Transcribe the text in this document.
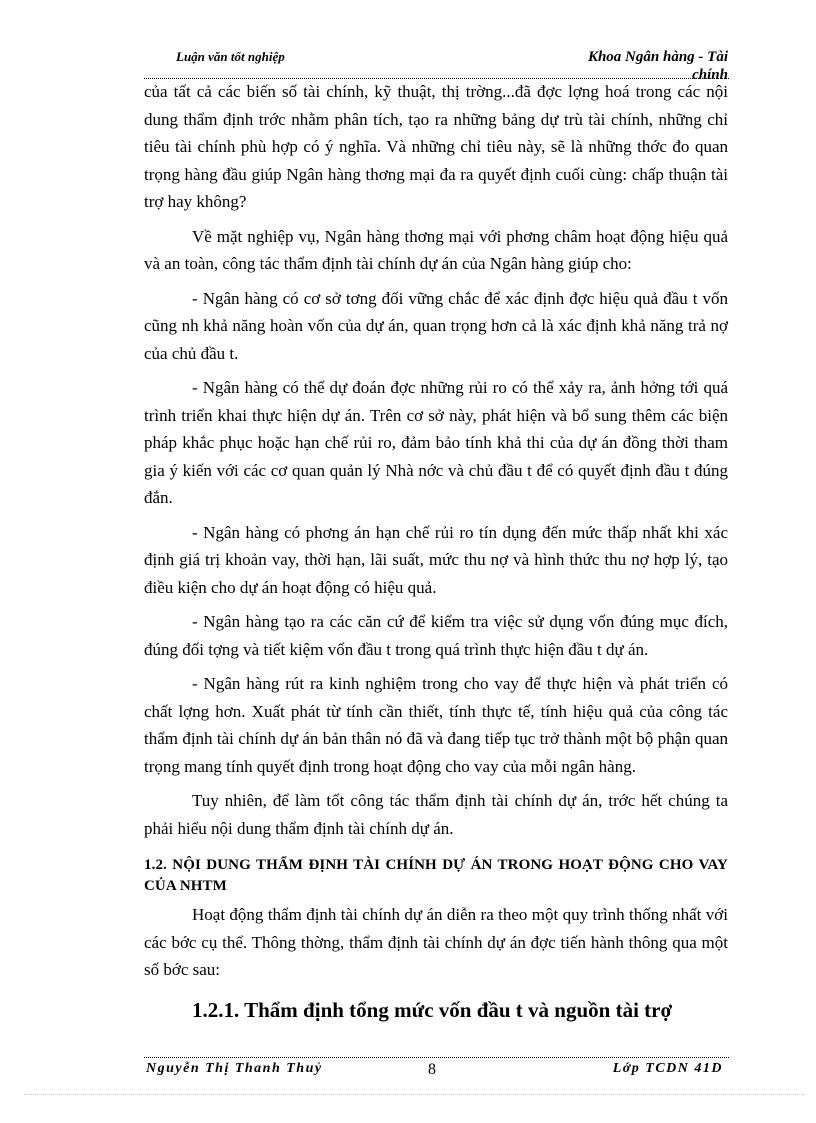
Luận văn tốt nghiệp	Khoa Ngân hàng - Tài
chính

của tất cả các biến số tài chính, kỹ thuật, thị trờng...đã đợc lợng hoá trong các nội dung thẩm định trớc nhằm phân tích, tạo ra những bảng dự trù tài chính, những chỉ tiêu tài chính phù hợp có ý nghĩa. Và những chỉ tiêu này, sẽ là những thớc đo quan trọng hàng đầu giúp Ngân hàng thơng mại đa ra quyết định cuối cùng: chấp thuận tài trợ hay không?

Về mặt nghiệp vụ, Ngân hàng thơng mại với phơng châm hoạt động hiệu quả và an toàn, công tác thẩm định tài chính dự án của Ngân hàng giúp cho:

- Ngân hàng có cơ sở tơng đối vững chắc để xác định đợc hiệu quả đầu t vốn cũng nh khả năng hoàn vốn của dự án, quan trọng hơn cả là xác định khả năng trả nợ của chủ đầu t.

- Ngân hàng có thể dự đoán đợc những rủi ro có thể xảy ra, ảnh hởng tới quá trình triển khai thực hiện dự án. Trên cơ sở này, phát hiện và bổ sung thêm các biện pháp khắc phục hoặc hạn chế rủi ro, đảm bảo tính khả thi của dự án đồng thời tham gia ý kiến với các cơ quan quản lý Nhà nớc và chủ đầu t để có quyết định đầu t đúng đắn.

- Ngân hàng có phơng án hạn chế rủi ro tín dụng đến mức thấp nhất khi xác định giá trị khoản vay, thời hạn, lãi suất, mức thu nợ và hình thức thu nợ hợp lý, tạo điều kiện cho dự án hoạt động có hiệu quả.

- Ngân hàng tạo ra các căn cứ để kiểm tra việc sử dụng vốn đúng mục đích, đúng đối tợng và tiết kiệm vốn đầu t trong quá trình thực hiện đầu t dự án.

- Ngân hàng rút ra kinh nghiệm trong cho vay để thực hiện và phát triển có chất lợng hơn. Xuất phát từ tính cần thiết, tính thực tế, tính hiệu quả của công tác thẩm định tài chính dự án bản thân nó đã và đang tiếp tục trở thành một bộ phận quan trọng mang tính quyết định trong hoạt động cho vay của mỗi ngân hàng.

Tuy nhiên, để làm tốt công tác thẩm định tài chính dự án, trớc hết chúng ta phải hiểu nội dung thẩm định tài chính dự án.

1.2. NỘI DUNG THẨM ĐỊNH TÀI CHÍNH DỰ ÁN TRONG HOẠT ĐỘNG CHO VAY CỦA NHTM

Hoạt động thẩm định tài chính dự án diễn ra theo một quy trình thống nhất với các bớc cụ thể. Thông thờng, thẩm định tài chính dự án đợc tiến hành thông qua một số bớc sau:

1.2.1. Thẩm định tổng mức vốn đầu t và nguồn tài trợ

Nguyễn Thị Thanh Thuỷ	8	Lớp TCDN 41D
